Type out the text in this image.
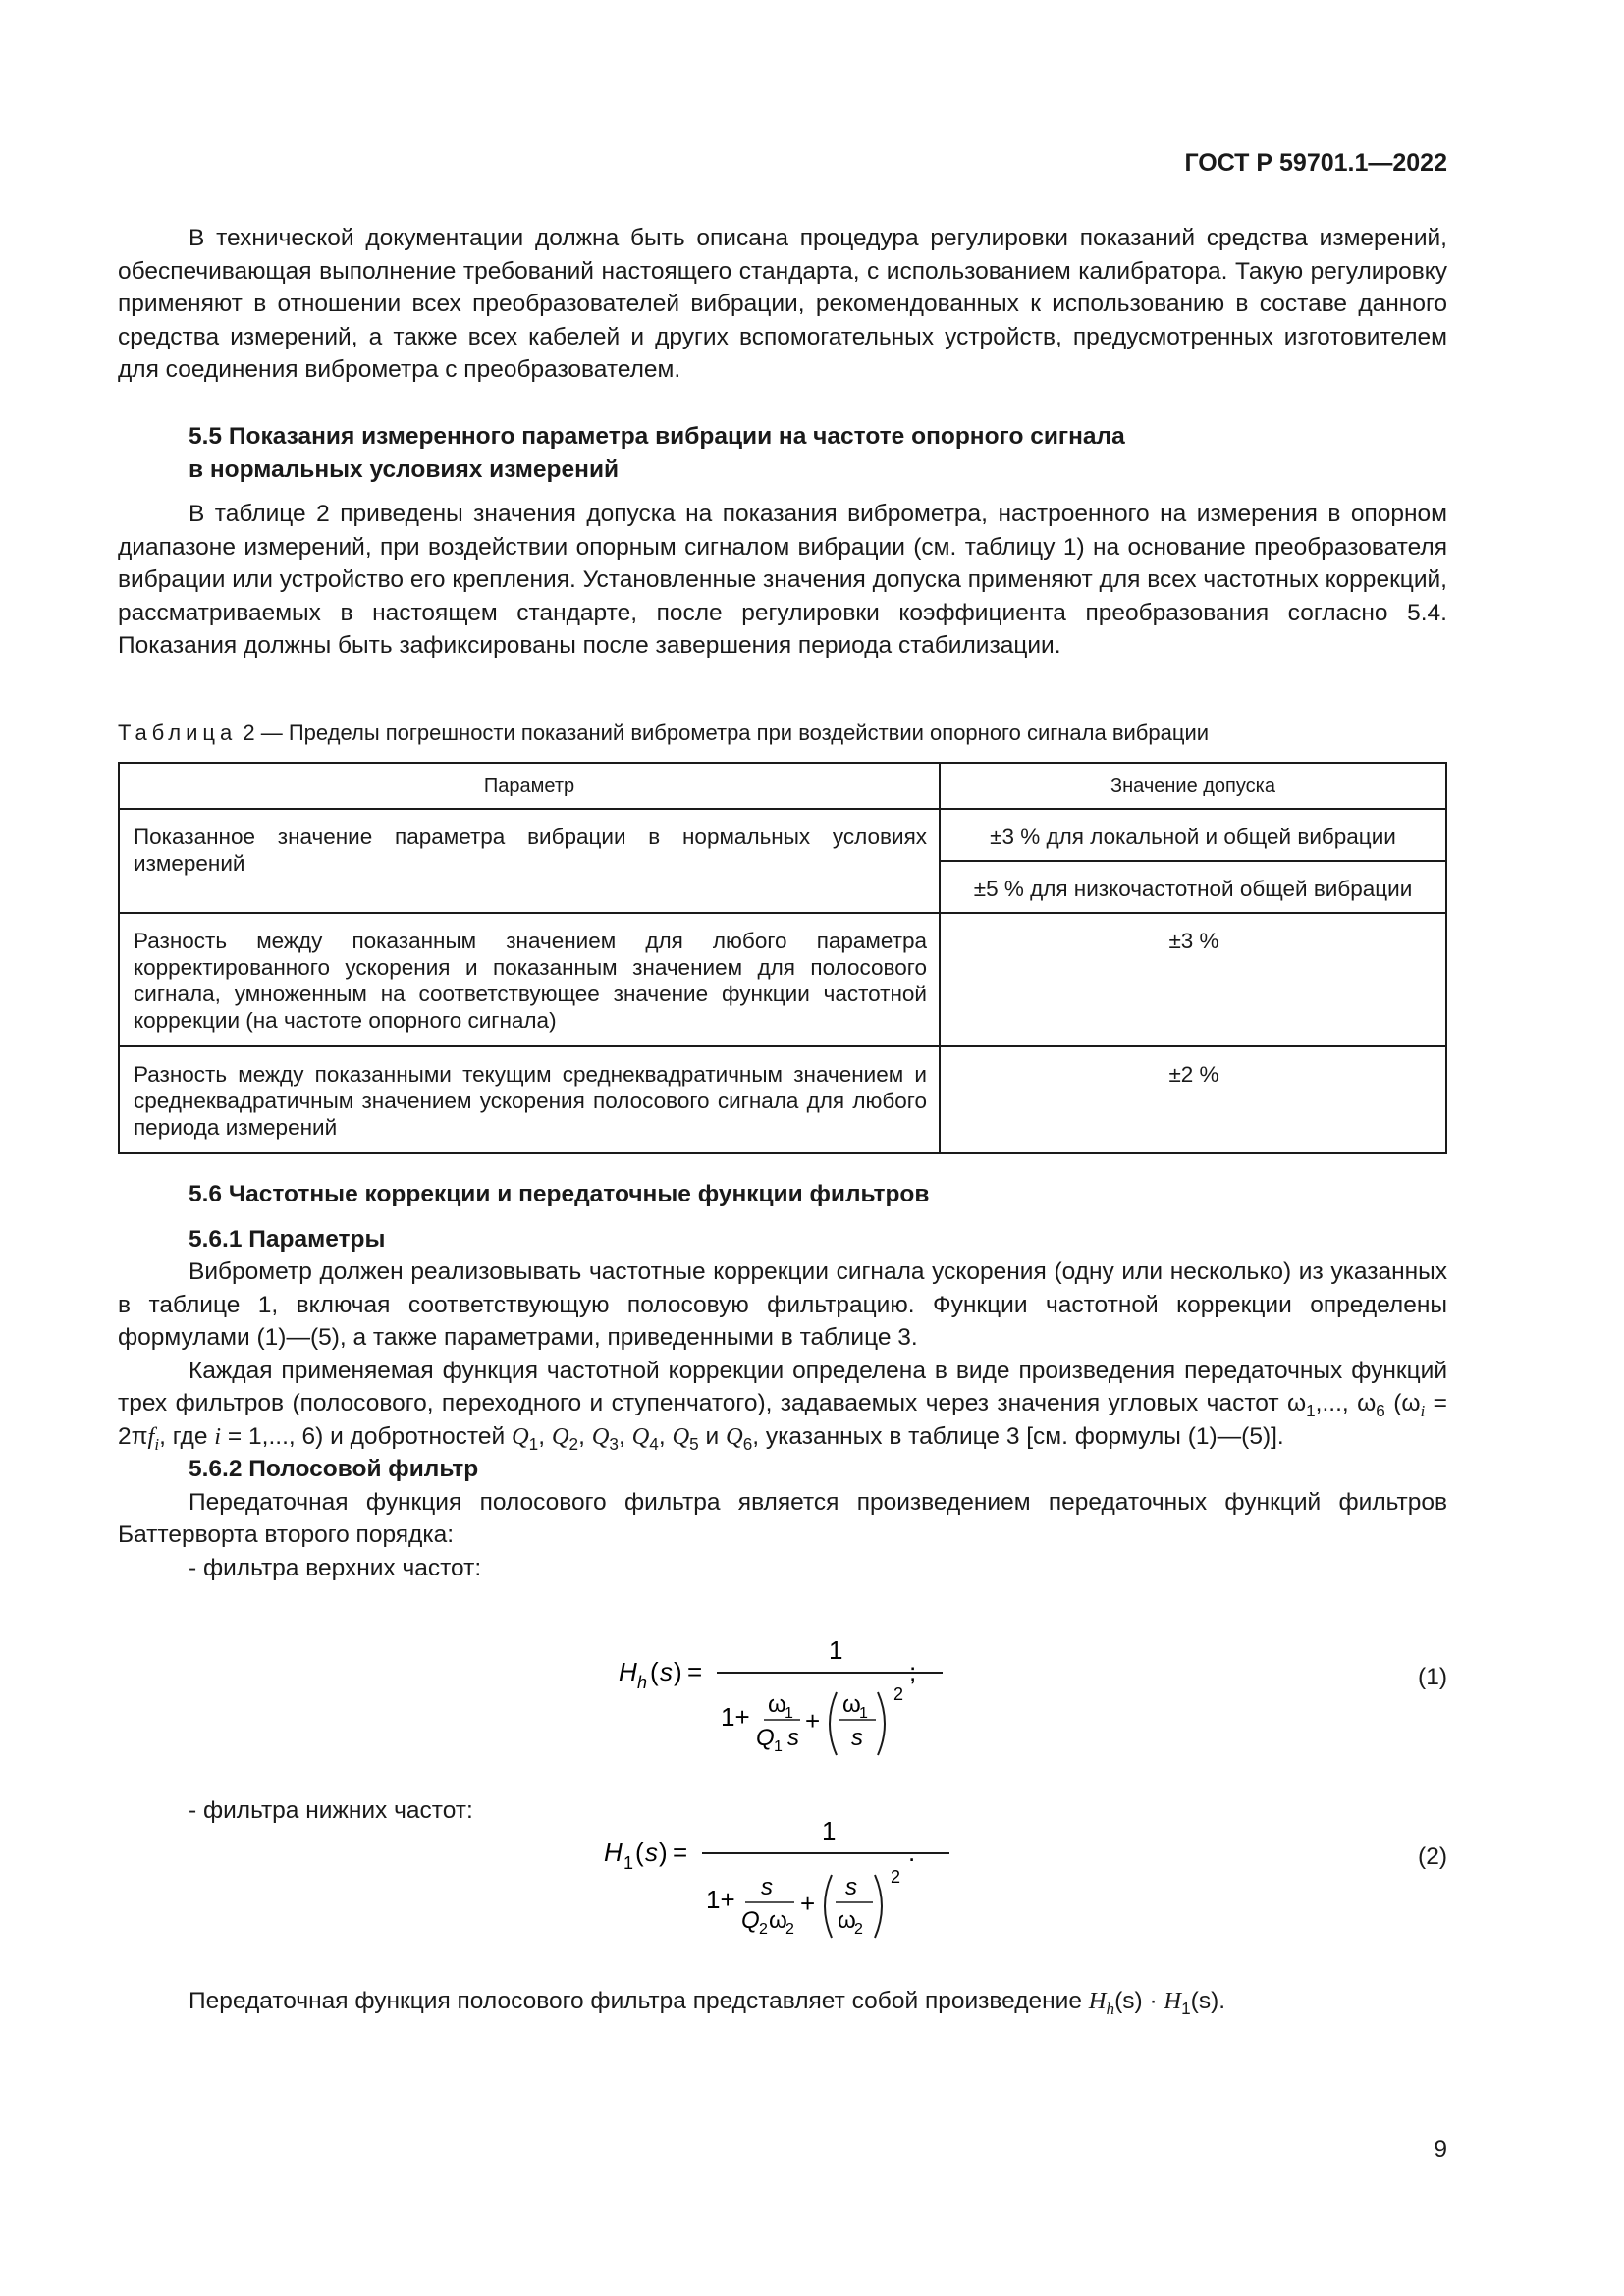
ГОСТ Р 59701.1—2022

В технической документации должна быть описана процедура регулировки показаний средства измерений, обеспечивающая выполнение требований настоящего стандарта, с использованием калибратора. Такую регулировку применяют в отношении всех преобразователей вибрации, рекомендованных к использованию в составе данного средства измерений, а также всех кабелей и других вспомогательных устройств, предусмотренных изготовителем для соединения виброметра с преобразователем.

5.5 Показания измеренного параметра вибрации на частоте опорного сигнала
в нормальных условиях измерений

В таблице 2 приведены значения допуска на показания виброметра, настроенного на измерения в опорном диапазоне измерений, при воздействии опорным сигналом вибрации (см. таблицу 1) на основание преобразователя вибрации или устройство его крепления. Установленные значения допуска применяют для всех частотных коррекций, рассматриваемых в настоящем стандарте, после регулировки коэффициента преобразования согласно 5.4. Показания должны быть зафиксированы после завершения периода стабилизации.

Таблица 2 — Пределы погрешности показаний виброметра при воздействии опорного сигнала вибрации
Параметр	Значение допуска
Показанное значение параметра вибрации в нормальных условиях измерений	±3 % для локальной и общей вибрации
	±5 % для низкочастотной общей вибрации
Разность между показанным значением для любого параметра корректированного ускорения и показанным значением для полосового сигнала, умноженным на соответствующее значение функции частотной коррекции (на частоте опорного сигнала)	±3 %
Разность между показанными текущим среднеквадратичным значением и среднеквадратичным значением ускорения полосового сигнала для любого периода измерений	±2 %
5.6 Частотные коррекции и передаточные функции фильтров
5.6.1 Параметры

Виброметр должен реализовывать частотные коррекции сигнала ускорения (одну или несколько) из указанных в таблице 1, включая соответствующую полосовую фильтрацию. Функции частотной коррекции определены формулами (1)—(5), а также параметрами, приведенными в таблице 3.

Каждая применяемая функция частотной коррекции определена в виде произведения передаточных функций трех фильтров (полосового, переходного и ступенчатого), задаваемых через значения угловых частот $\omega_1$,..., $\omega_6$ ($\omega_i = 2\pi f_i$, где i = 1,..., 6) и добротностей $Q_1$, $Q_2$, $Q_3$, $Q_4$, $Q_5$ и $Q_6$, указанных в таблице 3 [см. формулы (1)—(5)].

5.6.2 Полосовой фильтр

Передаточная функция полосового фильтра является произведением передаточных функций фильтров Баттерворта второго порядка:

- фильтра верхних частот:

H h ( s ) =
1
1+ ω
1
Q 1 s
+
ω
1
s
2
;	(1)

- фильтра нижних частот:

H 1 ( s ) =
1
1+ s
Q 2 ω
2
+
s
ω
2
2
.	(2)

Передаточная функция полосового фильтра представляет собой произведение $H_h(s) \cdot H_1(s)$.

9
